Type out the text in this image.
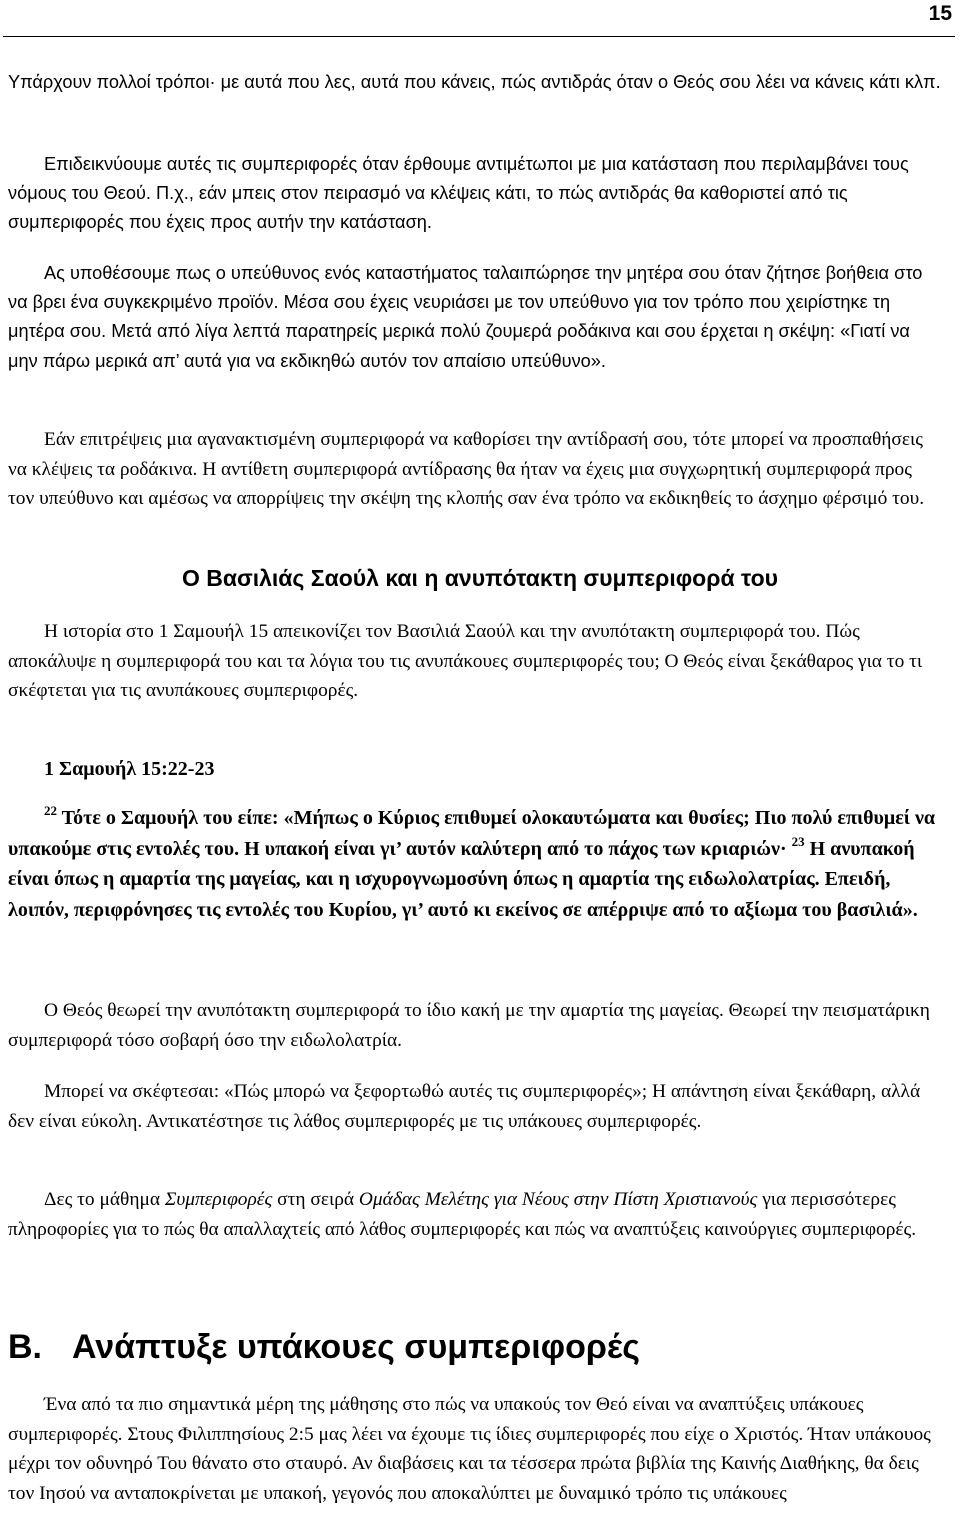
15

Υπάρχουν πολλοί τρόποι· με αυτά που λες, αυτά που κάνεις, πώς αντιδράς όταν ο Θεός σου λέει να κάνεις κάτι κλπ.

Επιδεικνύουμε αυτές τις συμπεριφορές όταν έρθουμε αντιμέτωποι με μια κατάσταση που περιλαμβάνει τους νόμους του Θεού. Π.χ., εάν μπεις στον πειρασμό να κλέψεις κάτι, το πώς αντιδράς θα καθοριστεί από τις συμπεριφορές που έχεις προς αυτήν την κατάσταση.

Ας υποθέσουμε πως ο υπεύθυνος ενός καταστήματος ταλαιπώρησε την μητέρα σου όταν ζήτησε βοήθεια στο να βρει ένα συγκεκριμένο προϊόν. Μέσα σου έχεις νευριάσει με τον υπεύθυνο για τον τρόπο που χειρίστηκε τη μητέρα σου. Μετά από λίγα λεπτά παρατηρείς μερικά πολύ ζουμερά ροδάκινα και σου έρχεται η σκέψη: «Γιατί να μην πάρω μερικά απ’ αυτά για να εκδικηθώ αυτόν τον απαίσιο υπεύθυνο».

Εάν επιτρέψεις μια αγανακτισμένη συμπεριφορά να καθορίσει την αντίδρασή σου, τότε μπορεί να προσπαθήσεις να κλέψεις τα ροδάκινα. Η αντίθετη συμπεριφορά αντίδρασης θα ήταν να έχεις μια συγχωρητική συμπεριφορά προς τον υπεύθυνο και αμέσως να απορρίψεις την σκέψη της κλοπής σαν ένα τρόπο να εκδικηθείς το άσχημο φέρσιμό του.

Ο Βασιλιάς Σαούλ και η ανυπότακτη συμπεριφορά του

Η ιστορία στο 1 Σαμουήλ 15 απεικονίζει τον Βασιλιά Σαούλ και την ανυπότακτη συμπεριφορά του. Πώς αποκάλυψε η συμπεριφορά του και τα λόγια του τις ανυπάκουες συμπεριφορές του; Ο Θεός είναι ξεκάθαρος για το τι σκέφτεται για τις ανυπάκουες συμπεριφορές.

1 Σαμουήλ 15:22-23

$^{22}$ Τότε ο Σαμουήλ του είπε: «Μήπως ο Κύριος επιθυμεί ολοκαυτώματα και θυσίες; Πιο πολύ επιθυμεί να υπακούμε στις εντολές του. Η υπακοή είναι γι’ αυτόν καλύτερη από το πάχος των κριαριών· $^{23}$ Η ανυπακοή είναι όπως η αμαρτία της μαγείας, και η ισχυρογνωμοσύνη όπως η αμαρτία της ειδωλολατρίας. Επειδή, λοιπόν, περιφρόνησες τις εντολές του Κυρίου, γι’ αυτό κι εκείνος σε απέρριψε από το αξίωμα του βασιλιά».

Ο Θεός θεωρεί την ανυπότακτη συμπεριφορά το ίδιο κακή με την αμαρτία της μαγείας. Θεωρεί την πεισματάρικη συμπεριφορά τόσο σοβαρή όσο την ειδωλολατρία.

Μπορεί να σκέφτεσαι: «Πώς μπορώ να ξεφορτωθώ αυτές τις συμπεριφορές»; Η απάντηση είναι ξεκάθαρη, αλλά δεν είναι εύκολη. Αντικατέστησε τις λάθος συμπεριφορές με τις υπάκουες συμπεριφορές.

Δες το μάθημα Συμπεριφορές στη σειρά Ομάδας Μελέτης για Νέους στην Πίστη Χριστιανούς για περισσότερες πληροφορίες για το πώς θα απαλλαχτείς από λάθος συμπεριφορές και πώς να αναπτύξεις καινούργιες συμπεριφορές.

B. Ανάπτυξε υπάκουες συμπεριφορές

Ένα από τα πιο σημαντικά μέρη της μάθησης στο πώς να υπακούς τον Θεό είναι να αναπτύξεις υπάκουες συμπεριφορές. Στους Φιλιππησίους 2:5 μας λέει να έχουμε τις ίδιες συμπεριφορές που είχε ο Χριστός. Ήταν υπάκουος μέχρι τον οδυνηρό Του θάνατο στο σταυρό. Αν διαβάσεις και τα τέσσερα πρώτα βιβλία της Καινής Διαθήκης, θα δεις τον Ιησού να ανταποκρίνεται με υπακοή, γεγονός που αποκαλύπτει με δυναμικό τρόπο τις υπάκουες
